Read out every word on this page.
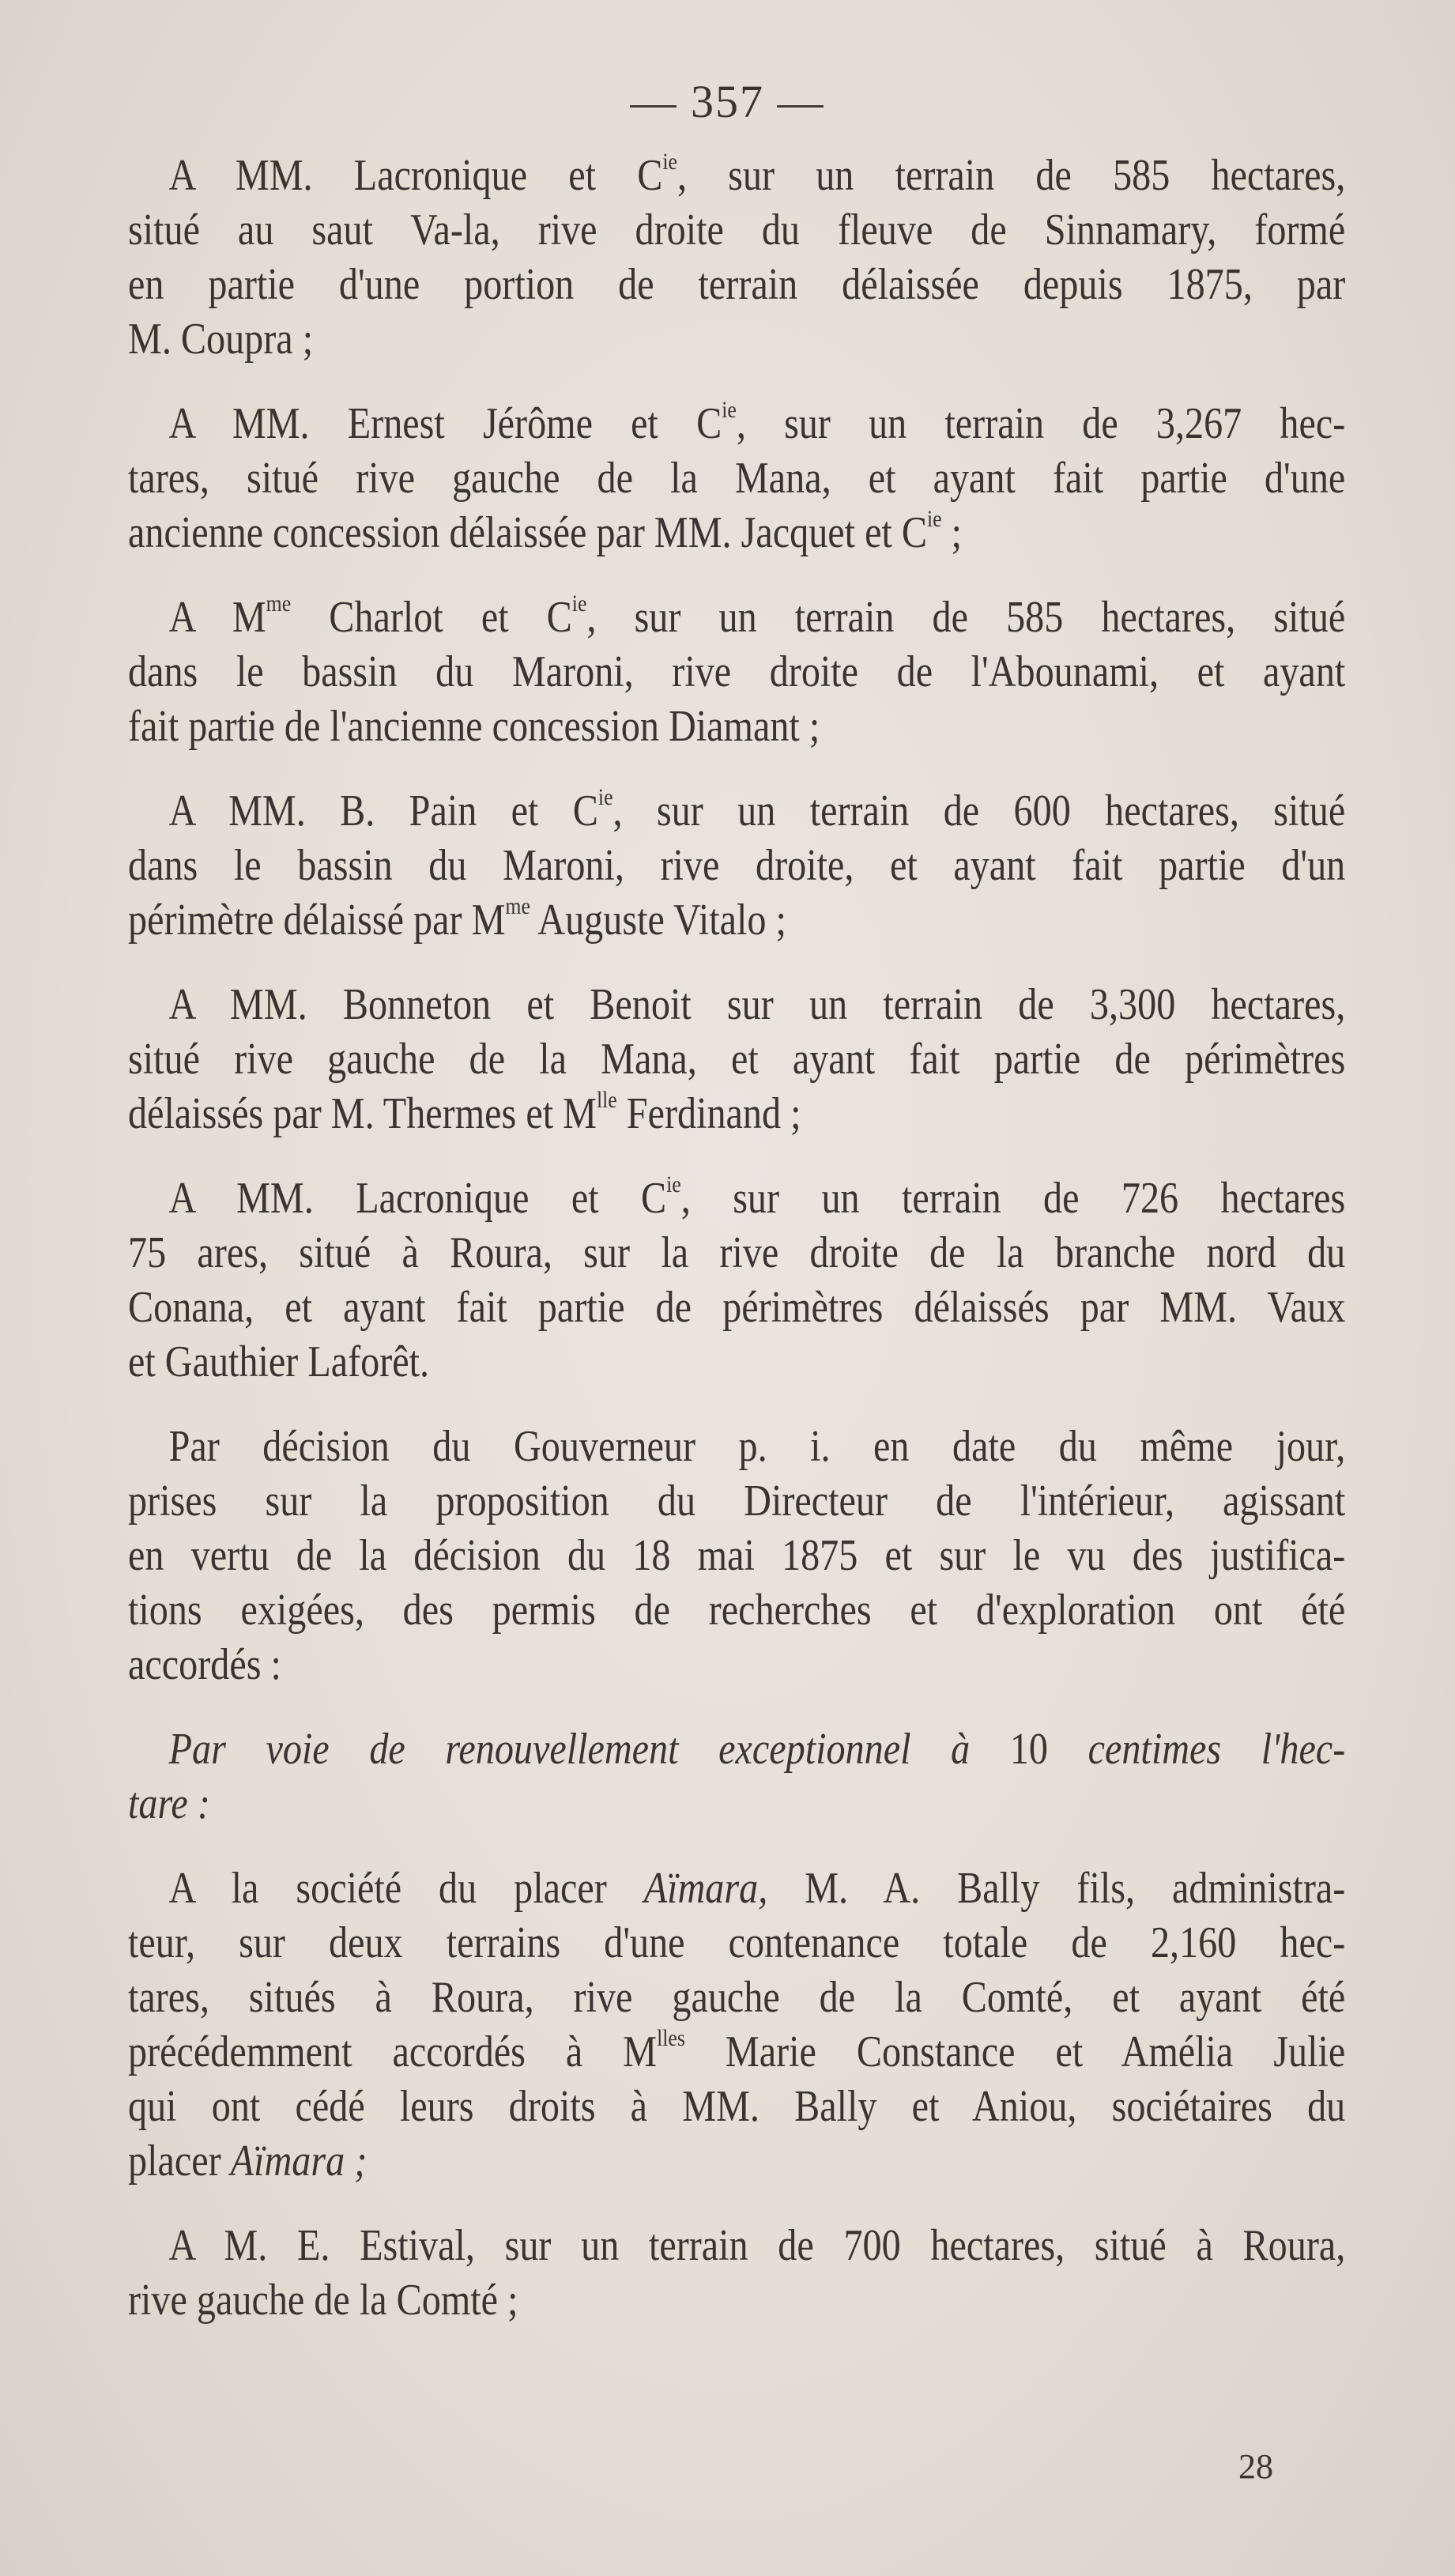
— 357 —
A MM. Lacronique et $C^{ie}$, sur un terrain de 585 hectares,
situé au saut Va-la, rive droite du fleuve de Sinnamary, formé
en partie d'une portion de terrain délaissée depuis 1875, par
M. Coupra ;
A MM. Ernest Jérôme et $C^{ie}$, sur un terrain de 3,267 hec-
tares, situé rive gauche de la Mana, et ayant fait partie d'une
ancienne concession délaissée par MM. Jacquet et $C^{ie}$ ;
A $M^{me}$ Charlot et $C^{ie}$, sur un terrain de 585 hectares, situé
dans le bassin du Maroni, rive droite de l'Abounami, et ayant
fait partie de l'ancienne concession Diamant ;
A MM. B. Pain et $C^{ie}$, sur un terrain de 600 hectares, situé
dans le bassin du Maroni, rive droite, et ayant fait partie d'un
périmètre délaissé par $M^{me}$ Auguste Vitalo ;
A MM. Bonneton et Benoit sur un terrain de 3,300 hectares,
situé rive gauche de la Mana, et ayant fait partie de périmètres
délaissés par M. Thermes et $M^{lle}$ Ferdinand ;
A MM. Lacronique et $C^{ie}$, sur un terrain de 726 hectares
75 ares, situé à Roura, sur la rive droite de la branche nord du
Conana, et ayant fait partie de périmètres délaissés par MM. Vaux
et Gauthier Laforêt.
Par décision du Gouverneur p. i. en date du même jour,
prises sur la proposition du Directeur de l'intérieur, agissant
en vertu de la décision du 18 mai 1875 et sur le vu des justifica-
tions exigées, des permis de recherches et d'exploration ont été
accordés :
Par voie de renouvellement exceptionnel à 10 centimes l'hec-
tare :
A la société du placer Aïmara, M. A. Bally fils, administra-
teur, sur deux terrains d'une contenance totale de 2,160 hec-
tares, situés à Roura, rive gauche de la Comté, et ayant été
précédemment accordés à $M^{lles}$ Marie Constance et Amélia Julie
qui ont cédé leurs droits à MM. Bally et Aniou, sociétaires du
placer Aïmara ;
A M. E. Estival, sur un terrain de 700 hectares, situé à Roura,
rive gauche de la Comté ;
28
